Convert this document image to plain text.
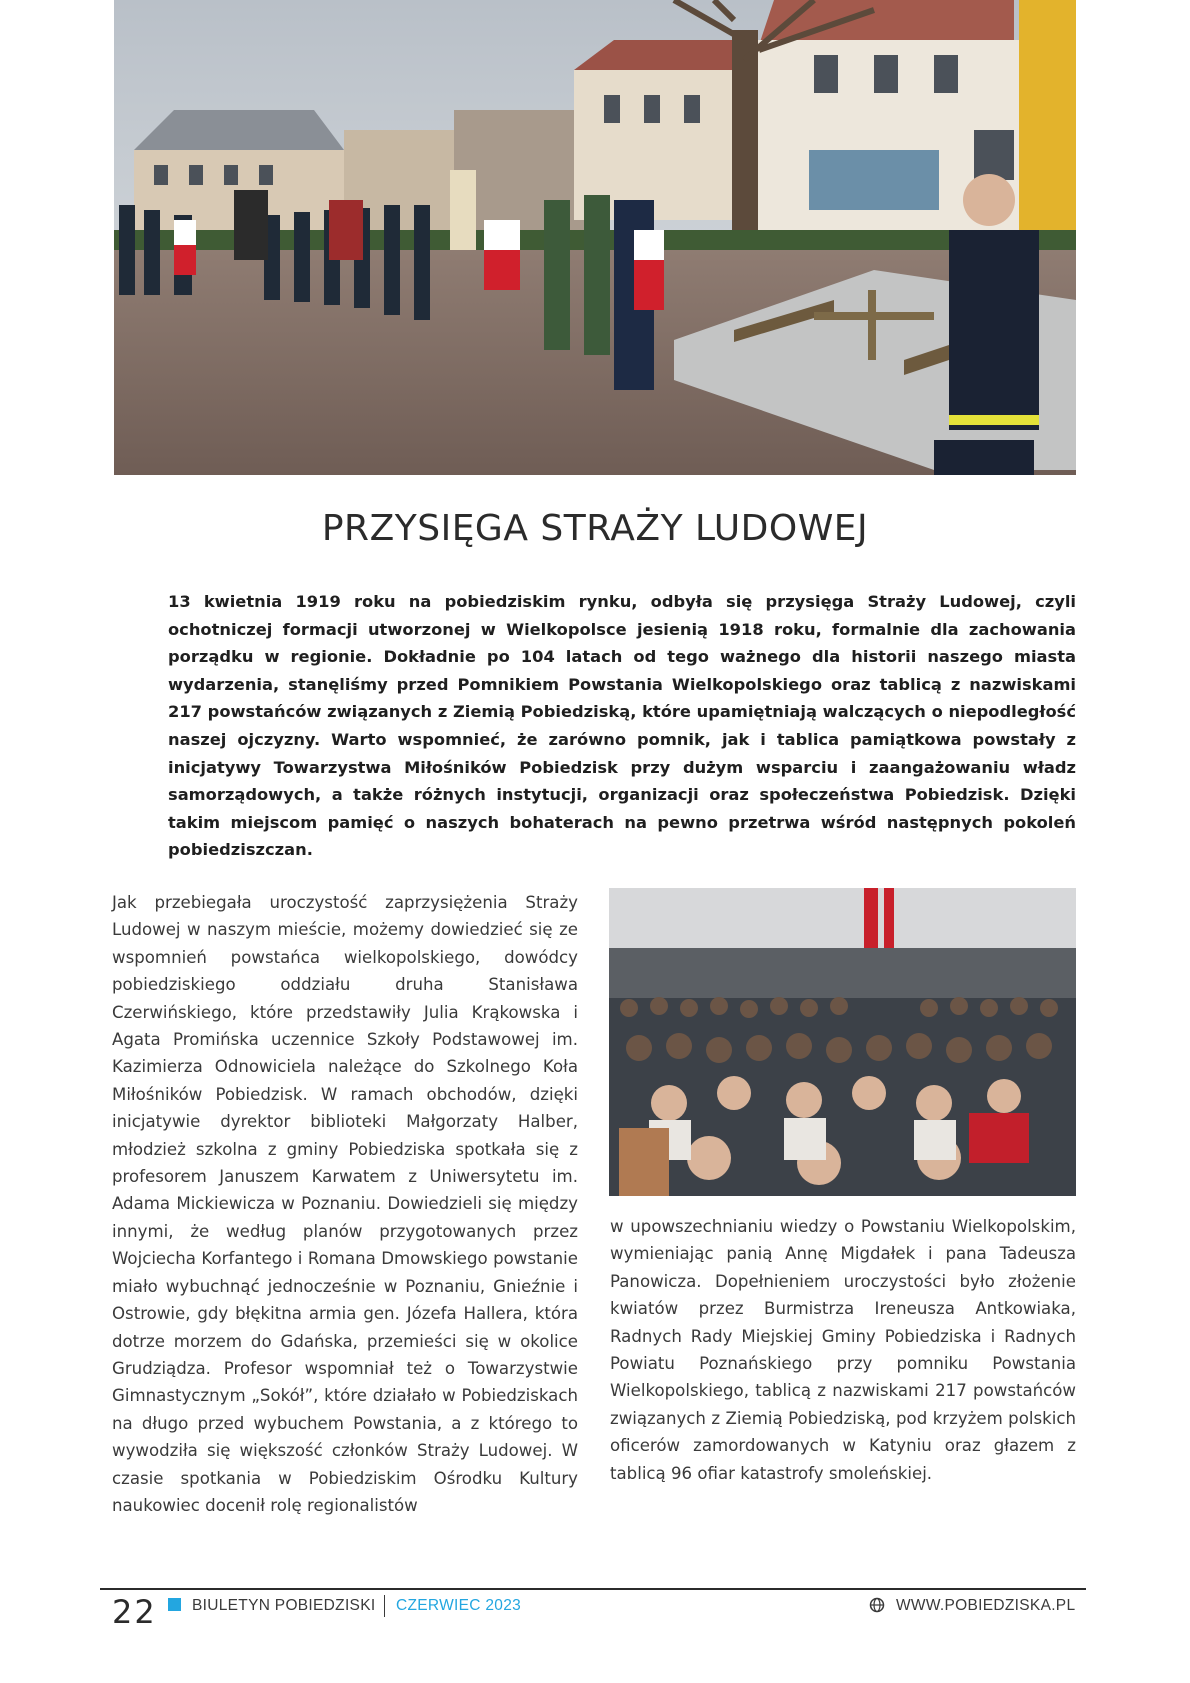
PRZYSIĘGA STRAŻY LUDOWEJ

13 kwietnia 1919 roku na pobiedziskim rynku, odbyła się przysięga Straży Ludowej, czyli ochotniczej formacji utworzonej w Wielkopolsce jesienią 1918 roku, formalnie dla zachowania porządku w regionie. Dokładnie po 104 latach od tego ważnego dla historii naszego miasta wydarzenia, stanęliśmy przed Pomnikiem Powstania Wielkopolskiego oraz tablicą z nazwiskami 217 powstańców związanych z Ziemią Pobiedziską, które upamiętniają walczących o niepodległość naszej ojczyzny. Warto wspomnieć, że zarówno pomnik, jak i tablica pamiątkowa powstały z inicjatywy Towarzystwa Miłośników Pobiedzisk przy dużym wsparciu i zaangażowaniu władz samorządowych, a także różnych instytucji, organizacji oraz społeczeństwa Pobiedzisk. Dzięki takim miejscom pamięć o naszych bohaterach na pewno przetrwa wśród następnych pokoleń pobiedziszczan.

Jak przebiegała uroczystość zaprzysiężenia Straży Ludowej w naszym mieście, możemy dowiedzieć się ze wspomnień powstańca wielkopolskiego, dowódcy pobiedziskiego oddziału druha Stanisława Czerwińskiego, które przedstawiły Julia Krąkowska i Agata Promińska uczennice Szkoły Podstawowej im. Kazimierza Odnowiciela należące do Szkolnego Koła Miłośników Pobiedzisk. W ramach obchodów, dzięki inicjatywie dyrektor biblioteki Małgorzaty Halber, młodzież szkolna z gminy Pobiedziska spotkała się z profesorem Januszem Karwatem z Uniwersytetu im. Adama Mickiewicza w Poznaniu. Dowiedzieli się między innymi, że według planów przygotowanych przez Wojciecha Korfantego i Romana Dmowskiego powstanie miało wybuchnąć jednocześnie w Poznaniu, Gnieźnie i Ostrowie, gdy błękitna armia gen. Józefa Hallera, która dotrze morzem do Gdańska, przemieści się w okolice Grudziądza. Profesor wspomniał też o Towarzystwie Gimnastycznym „Sokół”, które działało w Pobiedziskach na długo przed wybuchem Powstania, a z którego to wywodziła się większość członków Straży Ludowej. W czasie spotkania w Pobiedziskim Ośrodku Kultury naukowiec docenił rolę regionalistów

w upowszechnianiu wiedzy o Powstaniu Wielkopolskim, wymieniając panią Annę Migdałek i pana Tadeusza Panowicza. Dopełnieniem uroczystości było złożenie kwiatów przez Burmistrza Ireneusza Antkowiaka, Radnych Rady Miejskiej Gminy Pobiedziska i Radnych Powiatu Poznańskiego przy pomniku Powstania Wielkopolskiego, tablicą z nazwiskami 217 powstańców związanych z Ziemią Pobiedziską, pod krzyżem polskich oficerów zamordowanych w Katyniu oraz głazem z tablicą 96 ofiar katastrofy smoleńskiej.

22 BIULETYN POBIEDZISKI CZERWIEC 2023	WWW.POBIEDZISKA.PL
